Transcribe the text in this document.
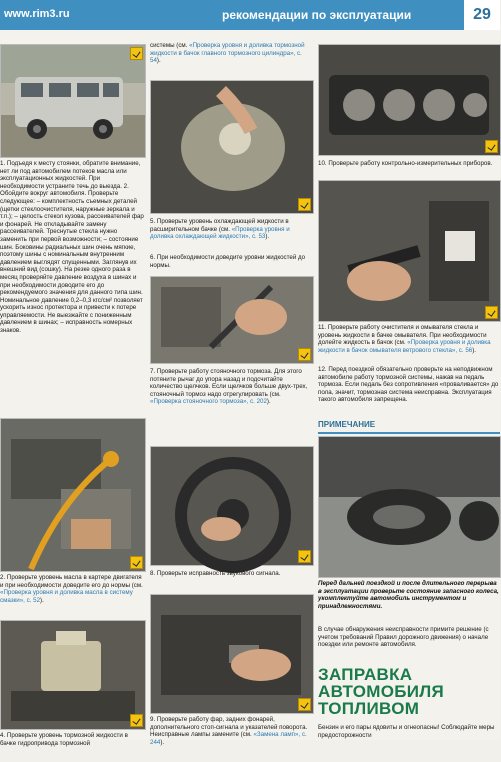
www.rim3.ru	рекомендации по эксплуатации	29
1. Подъедя к месту стоянки, обратите внимание, нет ли под автомобилем потеков масла или эксплуатационных жидкостей. При необходимости устраните течь до выезда. 2. Обойдите вокруг автомобиля. Проверьте следующее: – комплектность съемных деталей (щетки стеклоочистителя, наружные зеркала и т.п.); – целость стекол кузова, рассеивателей фар и фонарей. Не откладывайте замену рассеивателей. Треснутые стекла нужно заменить при первой возможности; – состояние шин. Боковины радиальных шин очень мягкие, поэтому шины с номинальным внутренним давлением выглядят спущенными. Заглянув их внешний вид (сошку). На резке одного раза в месяц проверяйте давление воздуха в шинах и при необходимости доводите его до рекомендуемого значения для данного типа шин. Номинальное давление 0,2–0,3 кгс/см² позволяет ускорить износ протектора и привести к потере управляемости. Не выезжайте с пониженным давлением в шинах; – исправность номерных знаков.
2. Проверьте уровень масла в картере двигателя и при необходимости доведите его до нормы (см. «Проверка уровня и доливка масла в систему смазки», с. 52).
4. Проверьте уровень тормозной жидкости в бачке гидропривода тормозной
системы (см. «Проверка уровня и доливка тормозной жидкости в бачок главного тормозного цилиндра», с. 54).
5. Проверьте уровень охлаждающей жидкости в расширительном бачке (см. «Проверка уровня и доливка охлаждающей жидкости», с. 53).
6. При необходимости доведите уровни жидкостей до нормы.
7. Проверьте работу стояночного тормоза. Для этого потяните рычаг до упора назад и подсчитайте количество щелчков. Если щелчков больше двух-трех, стояночный тормоз надо отрегулировать (см. «Проверка стояночного тормоза», с. 202).
8. Проверьте исправность звукового сигнала.
9. Проверьте работу фар, задних фонарей, дополнительного стоп-сигнала и указателей поворота. Неисправные лампы замените (см. «Замена ламп», с. 244).
10. Проверьте работу контрольно-измерительных приборов.
11. Проверьте работу очистителя и омывателя стекла и уровень жидкости в бачке омывателя. При необходимости долейте жидкость в бачок (см. «Проверка уровня и доливка жидкости в бачок омывателя ветрового стекла», с. 56).
12. Перед поездкой обязательно проверьте на неподвижном автомобиле работу тормозной системы, нажав на педаль тормоза. Если педаль без сопротивления «проваливается» до пола, значит, тормозная система неисправна. Эксплуатация такого автомобиля запрещена.
ПРИМЕЧАНИЕ
Перед дальней поездкой и после длительного перерыва в эксплуатации проверьте состояние запасного колеса, укомплектуйте автомобиль инструментом и принадлежностями.
В случае обнаружения неисправности примите решение (с учетом требований Правил дорожного движения) о начале поездки или ремонте автомобиля.
ЗАПРАВКА
АВТОМОБИЛЯ
ТОПЛИВОМ
Бензин и его пары ядовиты и огнеопасны! Соблюдайте меры предосторожности
